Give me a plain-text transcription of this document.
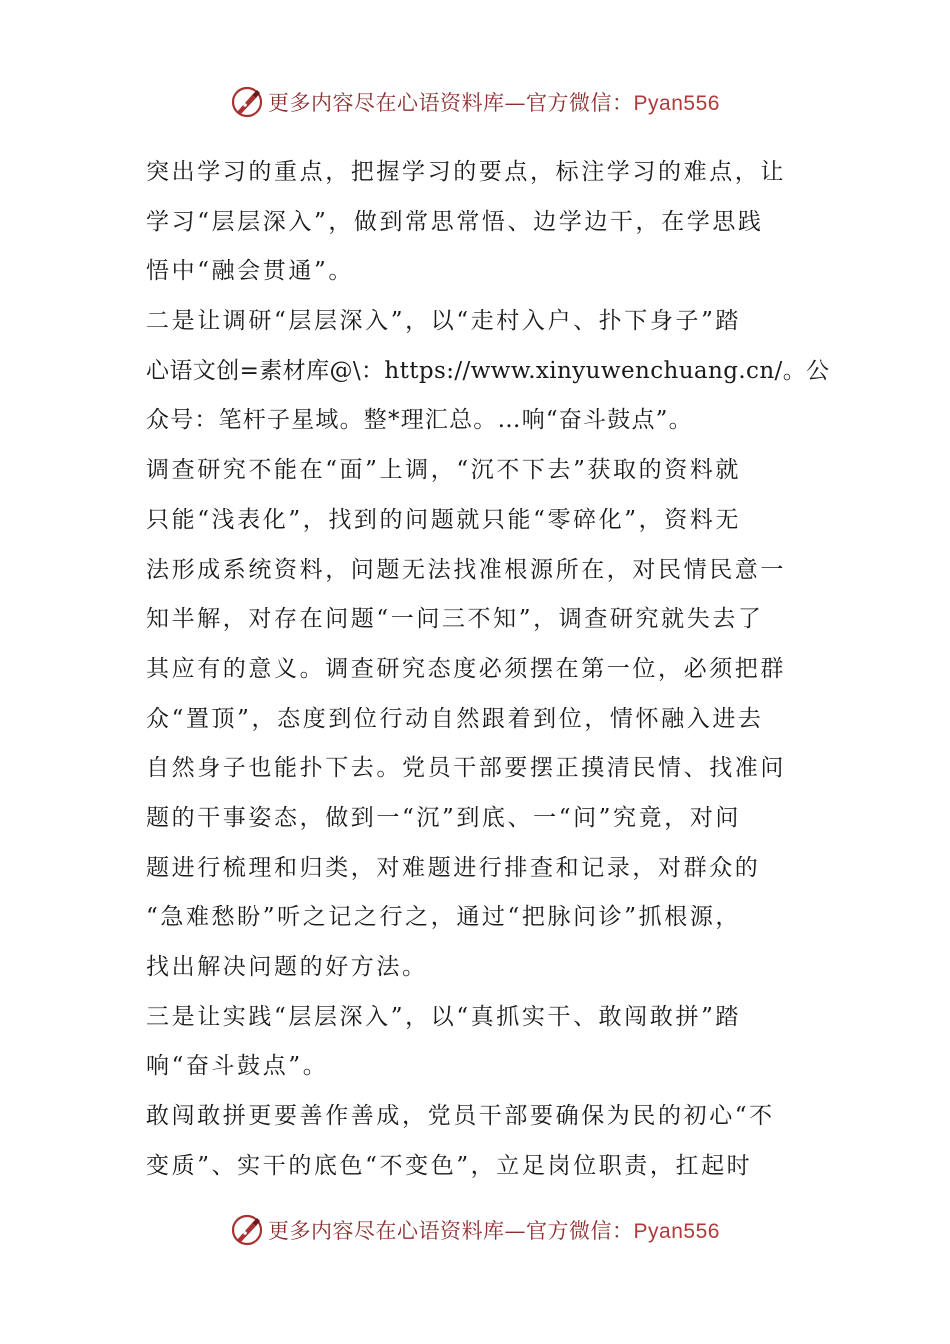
更多内容尽在心语资料库—官方微信：Pyan556
突出学习的重点，把握学习的要点，标注学习的难点，让
学习“层层深入”，做到常思常悟、边学边干，在学思践
悟中“融会贯通”。
二是让调研“层层深入”，以“走村入户、扑下身子”踏
心语文创=素材库@\：https://www.xinyuwenchuang.cn/。公
众号：笔杆子星域。整*理汇总。…响“奋斗鼓点”。
调查研究不能在“面”上调，“沉不下去”获取的资料就
只能“浅表化”，找到的问题就只能“零碎化”，资料无
法形成系统资料，问题无法找准根源所在，对民情民意一
知半解，对存在问题“一问三不知”，调查研究就失去了
其应有的意义。调查研究态度必须摆在第一位，必须把群
众“置顶”，态度到位行动自然跟着到位，情怀融入进去
自然身子也能扑下去。党员干部要摆正摸清民情、找准问
题的干事姿态，做到一“沉”到底、一“问”究竟，对问
题进行梳理和归类，对难题进行排查和记录，对群众的
“急难愁盼”听之记之行之，通过“把脉问诊”抓根源，
找出解决问题的好方法。
三是让实践“层层深入”，以“真抓实干、敢闯敢拼”踏
响“奋斗鼓点”。
敢闯敢拼更要善作善成，党员干部要确保为民的初心“不
变质”、实干的底色“不变色”，立足岗位职责，扛起时
更多内容尽在心语资料库—官方微信：Pyan556
